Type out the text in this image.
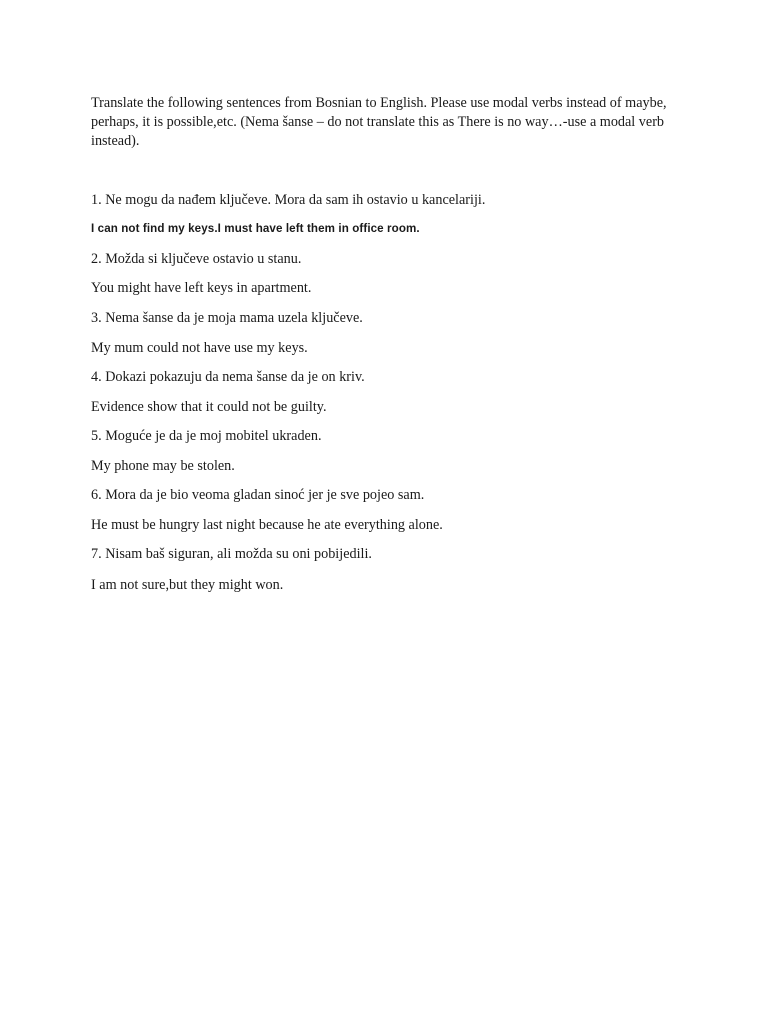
Translate the following sentences from Bosnian to English. Please use modal verbs instead of maybe, perhaps, it is possible,etc. (Nema šanse – do not translate this as There is no way…-use a modal verb instead).

1. Ne mogu da nađem ključeve. Mora da sam ih ostavio u kancelariji.

I can not find my keys.I must have left them in office room.

2. Možda si ključeve ostavio u stanu.

You might have left keys in apartment.

3. Nema šanse da je moja mama uzela ključeve.

My mum could not have use my keys.

4. Dokazi pokazuju da nema šanse da je on kriv.

Evidence show that it could not be guilty.

5. Moguće je da je moj mobitel ukraden.

My phone may be stolen.

6. Mora da je bio veoma gladan sinoć jer je sve pojeo sam.

He must be hungry last night because he ate everything alone.

7. Nisam baš siguran, ali možda su oni pobijedili.

I am not sure,but they might won.
